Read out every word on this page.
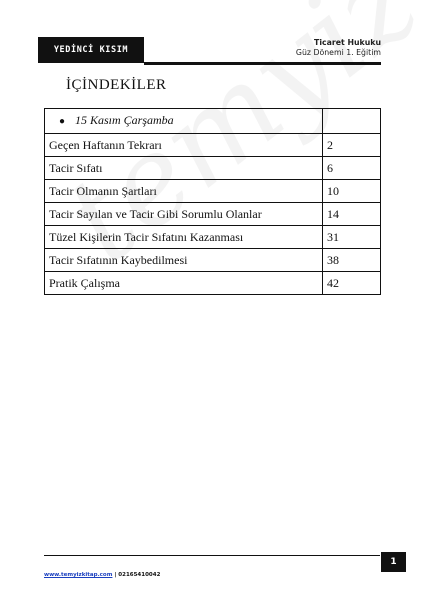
YEDİNCİ KISIM
Ticaret Hukuku
Güz Dönemi 1. Eğitim
İÇİNDEKİLER
● 15 Kasım Çarşamba	
Geçen Haftanın Tekrarı	2
Tacir Sıfatı	6
Tacir Olmanın Şartları	10
Tacir Sayılan ve Tacir Gibi Sorumlu Olanlar	14
Tüzel Kişilerin Tacir Sıfatını Kazanması	31
Tacir Sıfatının Kaybedilmesi	38
Pratik Çalışma	42
1
www.temyizkitap.com | 02165410042
